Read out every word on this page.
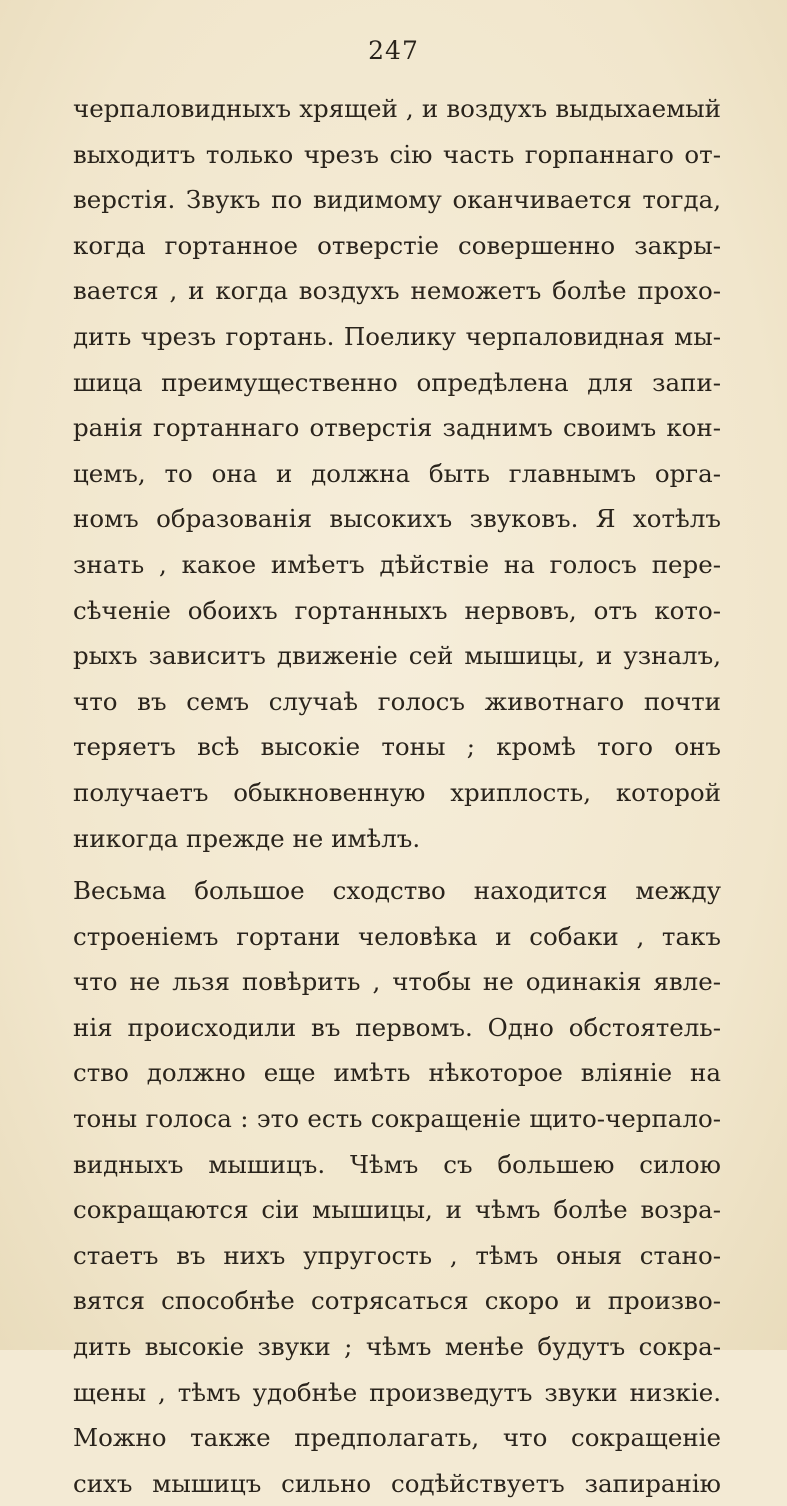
247
черпаловидныхъ хрящей , и воздухъ выдыхаемый
выходитъ только чрезъ сію часть горпаннаго от-
верстія. Звукъ по видимому оканчивается тогда,
когда гортанное отверстіе совершенно закры-
вается , и когда воздухъ неможетъ болѣе прохо-
дить чрезъ гортань. Поелику черпаловидная мы-
шица преимущественно опредѣлена для запи-
ранія гортаннаго отверстія заднимъ своимъ кон-
цемъ, то она и должна быть главнымъ орга-
номъ образованія высокихъ звуковъ. Я хотѣлъ
знать , какое имѣетъ дѣйствіе на голосъ пере-
сѣченіе обоихъ гортанныхъ нервовъ, отъ кото-
рыхъ зависитъ движеніе сей мышицы, и узналъ,
что въ семъ случаѣ голосъ животнаго почти
теряетъ всѣ высокіе тоны ; кромѣ того онъ
получаетъ обыкновенную хриплость, которой
никогда прежде не имѣлъ.
Весьма большое сходство находится между
строеніемъ гортани человѣка и собаки , такъ
что не льзя повѣрить , чтобы не одинакія явле-
нія происходили въ первомъ. Одно обстоятель-
ство должно еще имѣть нѣкоторое вліяніе на
тоны голоса : это есть сокращеніе щито-черпало-
видныхъ мышицъ. Чѣмъ съ большею силою
сокращаются сіи мышицы, и чѣмъ болѣе возра-
стаетъ въ нихъ упругость , тѣмъ оныя стано-
вятся способнѣе сотрясаться скоро и произво-
дить высокіе звуки ; чѣмъ менѣе будутъ сокра-
щены , тѣмъ удобнѣе произведутъ звуки низкіе.
Можно также предполагать, что сокращеніе
сихъ мышицъ сильно содѣйствуетъ запиранію
